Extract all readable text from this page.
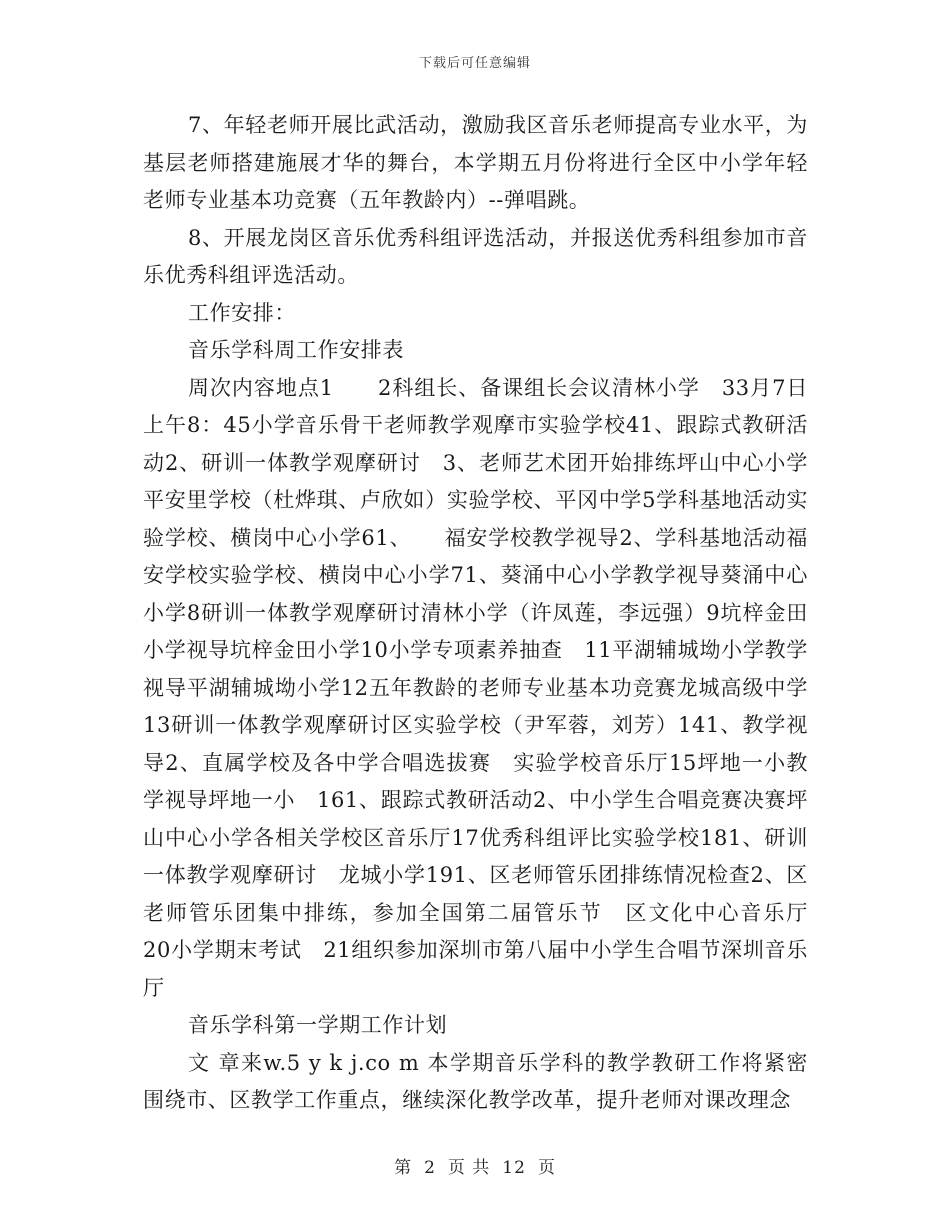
下载后可任意编辑

7、年轻老师开展比武活动，激励我区音乐老师提高专业水平，为基层老师搭建施展才华的舞台，本学期五月份将进行全区中小学年轻老师专业基本功竞赛（五年教龄内）--弹唱跳。

8、开展龙岗区音乐优秀科组评选活动，并报送优秀科组参加市音乐优秀科组评选活动。

工作安排：

音乐学科周工作安排表

周次内容地点1　　2科组长、备课组长会议清林小学　33月7日上午8：45小学音乐骨干老师教学观摩市实验学校41、跟踪式教研活动2、研训一体教学观摩研讨　3、老师艺术团开始排练坪山中心小学平安里学校（杜烨琪、卢欣如）实验学校、平冈中学5学科基地活动实验学校、横岗中心小学61、　　福安学校教学视导2、学科基地活动福安学校实验学校、横岗中心小学71、葵涌中心小学教学视导葵涌中心小学8研训一体教学观摩研讨清林小学（许凤莲，李远强）9坑梓金田小学视导坑梓金田小学10小学专项素养抽查　11平湖辅城坳小学教学视导平湖辅城坳小学12五年教龄的老师专业基本功竞赛龙城高级中学13研训一体教学观摩研讨区实验学校（尹军蓉，刘芳）141、教学视导2、直属学校及各中学合唱选拔赛　实验学校音乐厅15坪地一小教学视导坪地一小　161、跟踪式教研活动2、中小学生合唱竞赛决赛坪山中心小学各相关学校区音乐厅17优秀科组评比实验学校181、研训一体教学观摩研讨　龙城小学191、区老师管乐团排练情况检查2、区老师管乐团集中排练，参加全国第二届管乐节　区文化中心音乐厅　　20小学期末考试　21组织参加深圳市第八届中小学生合唱节深圳音乐厅

音乐学科第一学期工作计划

文 章来w.5 y k j.co m 本学期音乐学科的教学教研工作将紧密围绕市、区教学工作重点，继续深化教学改革，提升老师对课改理念

第 2 页 共 12 页
